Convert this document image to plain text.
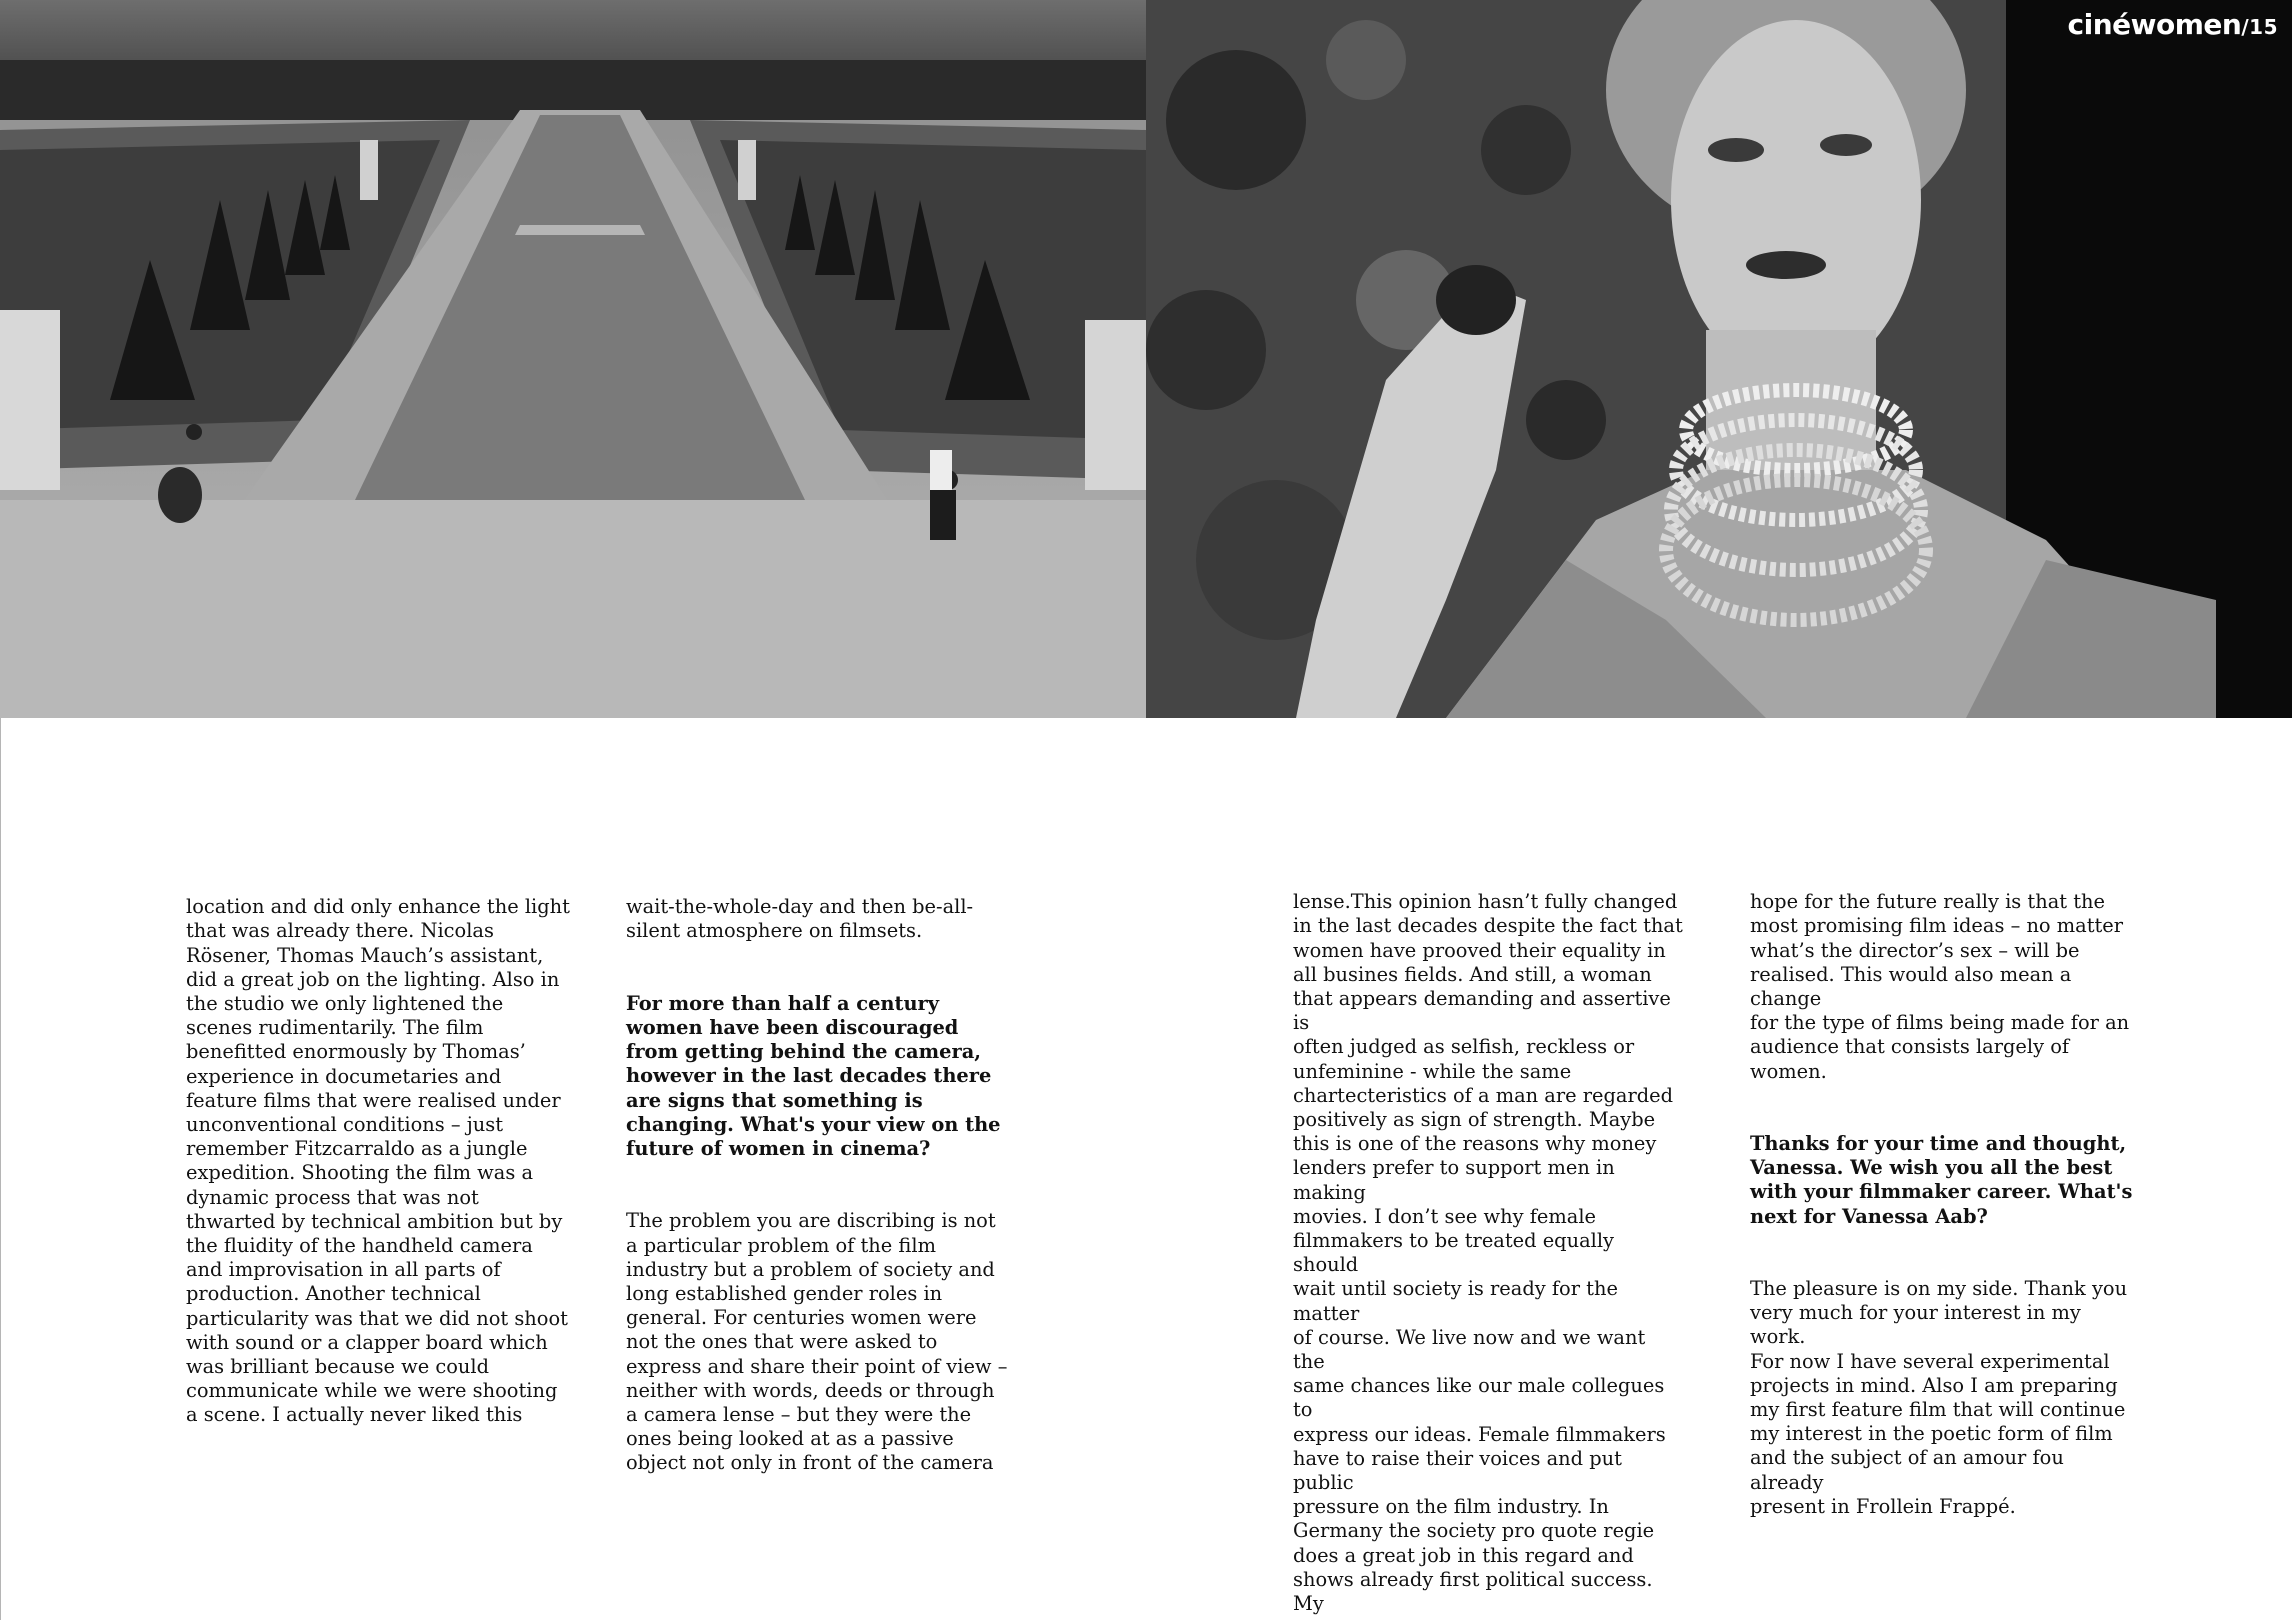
cinéwomen/15

location and did only enhance the light
that was already there. Nicolas
Rösener, Thomas Mauch’s assistant,
did a great job on the lighting. Also in
the studio we only lightened the
scenes rudimentarily. The film
benefitted enormously by Thomas’
experience in documetaries and
feature films that were realised under
unconventional conditions – just
remember Fitzcarraldo as a jungle
expedition. Shooting the film was a
dynamic process that was not
thwarted by technical ambition but by
the fluidity of the handheld camera
and improvisation in all parts of
production. Another technical
particularity was that we did not shoot
with sound or a clapper board which
was brilliant because we could
communicate while we were shooting
a scene. I actually never liked this

wait-the-whole-day and then be-all-
silent atmosphere on filmsets.

For more than half a century
women have been discouraged
from getting behind the camera,
however in the last decades there
are signs that something is
changing. What's your view on the
future of women in cinema?

The problem you are discribing is not
a particular problem of the film
industry but a problem of society and
long established gender roles in
general. For centuries women were
not the ones that were asked to
express and share their point of view –
neither with words, deeds or through
a camera lense – but they were the
ones being looked at as a passive
object not only in front of the camera

lense.This opinion hasn’t fully changed
in the last decades despite the fact that
women have prooved their equality in
all busines fields. And still, a woman
that appears demanding and assertive is
often judged as selfish, reckless or
unfeminine - while the same
chartecteristics of a man are regarded
positively as sign of strength. Maybe
this is one of the reasons why money
lenders prefer to support men in making
movies. I don’t see why female
filmmakers to be treated equally should
wait until society is ready for the matter
of course. We live now and we want the
same chances like our male collegues to
express our ideas. Female filmmakers
have to raise their voices and put public
pressure on the film industry. In
Germany the society pro quote regie
does a great job in this regard and
shows already first political success. My

hope for the future really is that the
most promising film ideas – no matter
what’s the director’s sex – will be
realised. This would also mean a change
for the type of films being made for an
audience that consists largely of
women.

Thanks for your time and thought,
Vanessa. We wish you all the best
with your filmmaker career. What's
next for Vanessa Aab?

The pleasure is on my side. Thank you
very much for your interest in my work.
For now I have several experimental
projects in mind. Also I am preparing
my first feature film that will continue
my interest in the poetic form of film
and the subject of an amour fou already
present in Frollein Frappé.
